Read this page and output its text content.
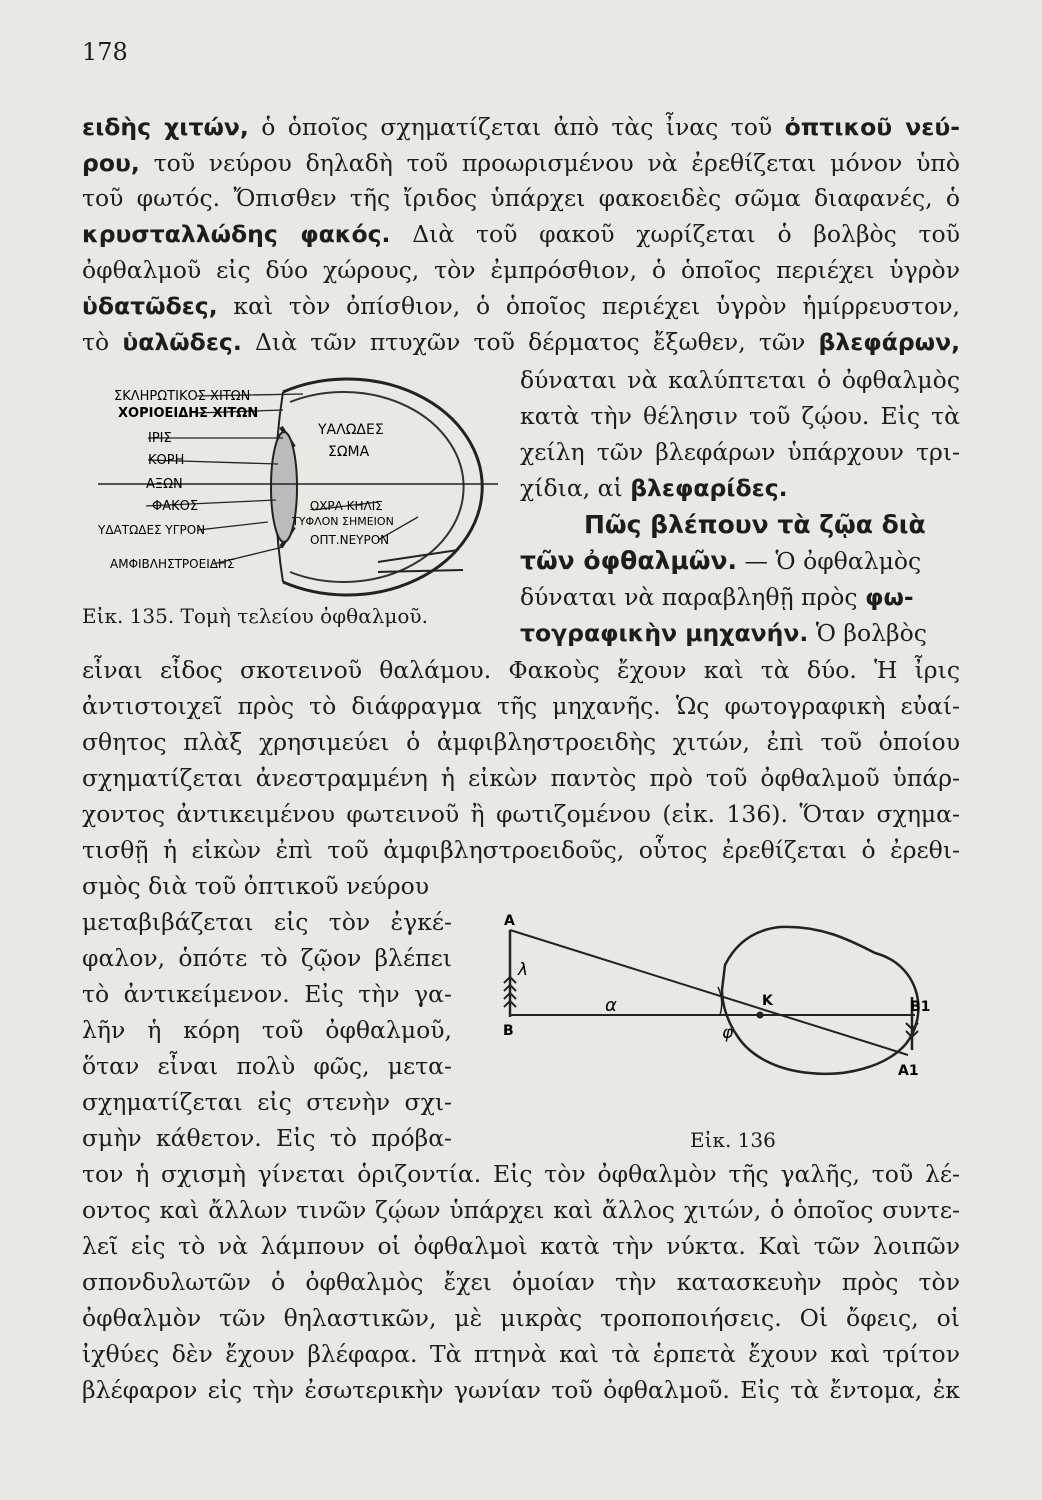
178
ειδὴς χιτών, ὁ ὁποῖος σχηματίζεται ἀπὸ τὰς ἶνας τοῦ ὀπτικοῦ νεύ-
ρου, τοῦ νεύρου δηλαδὴ τοῦ προωρισμένου νὰ ἐρεθίζεται μόνον ὑπὸ
τοῦ φωτός. Ὄπισθεν τῆς ἴριδος ὑπάρχει φακοειδὲς σῶμα διαφανές, ὁ
κρυσταλλώδης φακός. Διὰ τοῦ φακοῦ χωρίζεται ὁ βολβὸς τοῦ
ὀφθαλμοῦ εἰς δύο χώρους, τὸν ἐμπρόσθιον, ὁ ὁποῖος περιέχει ὑγρὸν
ὑδατῶδες, καὶ τὸν ὀπίσθιον, ὁ ὁποῖος περιέχει ὑγρὸν ἡμίρρευστον,
τὸ ὑαλῶδες. Διὰ τῶν πτυχῶν τοῦ δέρματος ἔξωθεν, τῶν βλεφάρων,
ΣΚΛΗΡΩΤΙΚΟΣ ΧΙΤΩΝ
ΧΟΡΙΟΕΙΔΗΣ ΧΙΤΩΝ
ΙΡΙΣ
ΚΟΡΗ
ΑΞΩΝ
ΦΑΚΟΣ
ΥΔΑΤΩΔΕΣ ΥΓΡΟΝ
ΑΜΦΙΒΛΗΣΤΡΟΕΙΔΗΣ
ΥΑΛΩΔΕΣ
ΣΩΜΑ
ΩΧΡΑ ΚΗΛΙΣ
ΤΥΦΛΟΝ ΣΗΜΕΙΟΝ
ΟΠΤ.ΝΕΥΡΟΝ
Εἰκ. 135. Τομὴ τελείου ὀφθαλμοῦ.
δύναται νὰ καλύπτεται ὁ ὀφθαλμὸς
κατὰ τὴν θέλησιν τοῦ ζῴου. Εἰς τὰ
χείλη τῶν βλεφάρων ὑπάρχουν τρι-
χίδια, αἱ βλεφαρίδες.
Πῶς βλέπουν τὰ ζῷα διὰ
τῶν ὀφθαλμῶν. — Ὁ ὀφθαλμὸς
δύναται νὰ παραβληθῇ πρὸς φω-
τογραφικὴν μηχανήν. Ὁ βολβὸς
εἶναι εἶδος σκοτεινοῦ θαλάμου. Φακοὺς ἔχουν καὶ τὰ δύο. Ἡ ἶρις
ἀντιστοιχεῖ πρὸς τὸ διάφραγμα τῆς μηχανῆς. Ὡς φωτογραφικὴ εὐαί-
σθητος πλὰξ χρησιμεύει ὁ ἀμφιβληστροειδὴς χιτών, ἐπὶ τοῦ ὁποίου
σχηματίζεται ἀνεστραμμένη ἡ εἰκὼν παντὸς πρὸ τοῦ ὀφθαλμοῦ ὑπάρ-
χοντος ἀντικειμένου φωτεινοῦ ἢ φωτιζομένου (εἰκ. 136). Ὅταν σχημα-
τισθῇ ἡ εἰκὼν ἐπὶ τοῦ ἀμφιβληστροειδοῦς, οὗτος ἐρεθίζεται ὁ ἐρεθι-
σμὸς διὰ τοῦ ὀπτικοῦ νεύρου
μεταβιβάζεται εἰς τὸν ἐγκέ-
φαλον, ὁπότε τὸ ζῷον βλέπει
τὸ ἀντικείμενον. Εἰς τὴν γα-
λῆν ἡ κόρη τοῦ ὀφθαλμοῦ,
ὅταν εἶναι πολὺ φῶς, μετα-
σχηματίζεται εἰς στενὴν σχι-
σμὴν κάθετον. Εἰς τὸ πρόβα-
A
B
λ
α
φ
K	B1
A1
Εἰκ. 136
τον ἡ σχισμὴ γίνεται ὁριζοντία. Εἰς τὸν ὀφθαλμὸν τῆς γαλῆς, τοῦ λέ-
οντος καὶ ἄλλων τινῶν ζῴων ὑπάρχει καὶ ἄλλος χιτών, ὁ ὁποῖος συντε-
λεῖ εἰς τὸ νὰ λάμπουν οἱ ὀφθαλμοὶ κατὰ τὴν νύκτα. Καὶ τῶν λοιπῶν
σπονδυλωτῶν ὁ ὀφθαλμὸς ἔχει ὁμοίαν τὴν κατασκευὴν πρὸς τὸν
ὀφθαλμὸν τῶν θηλαστικῶν, μὲ μικρὰς τροποποιήσεις. Οἱ ὄφεις, οἱ
ἰχθύες δὲν ἔχουν βλέφαρα. Τὰ πτηνὰ καὶ τὰ ἑρπετὰ ἔχουν καὶ τρίτον
βλέφαρον εἰς τὴν ἐσωτερικὴν γωνίαν τοῦ ὀφθαλμοῦ. Εἰς τὰ ἔντομα, ἐκ
